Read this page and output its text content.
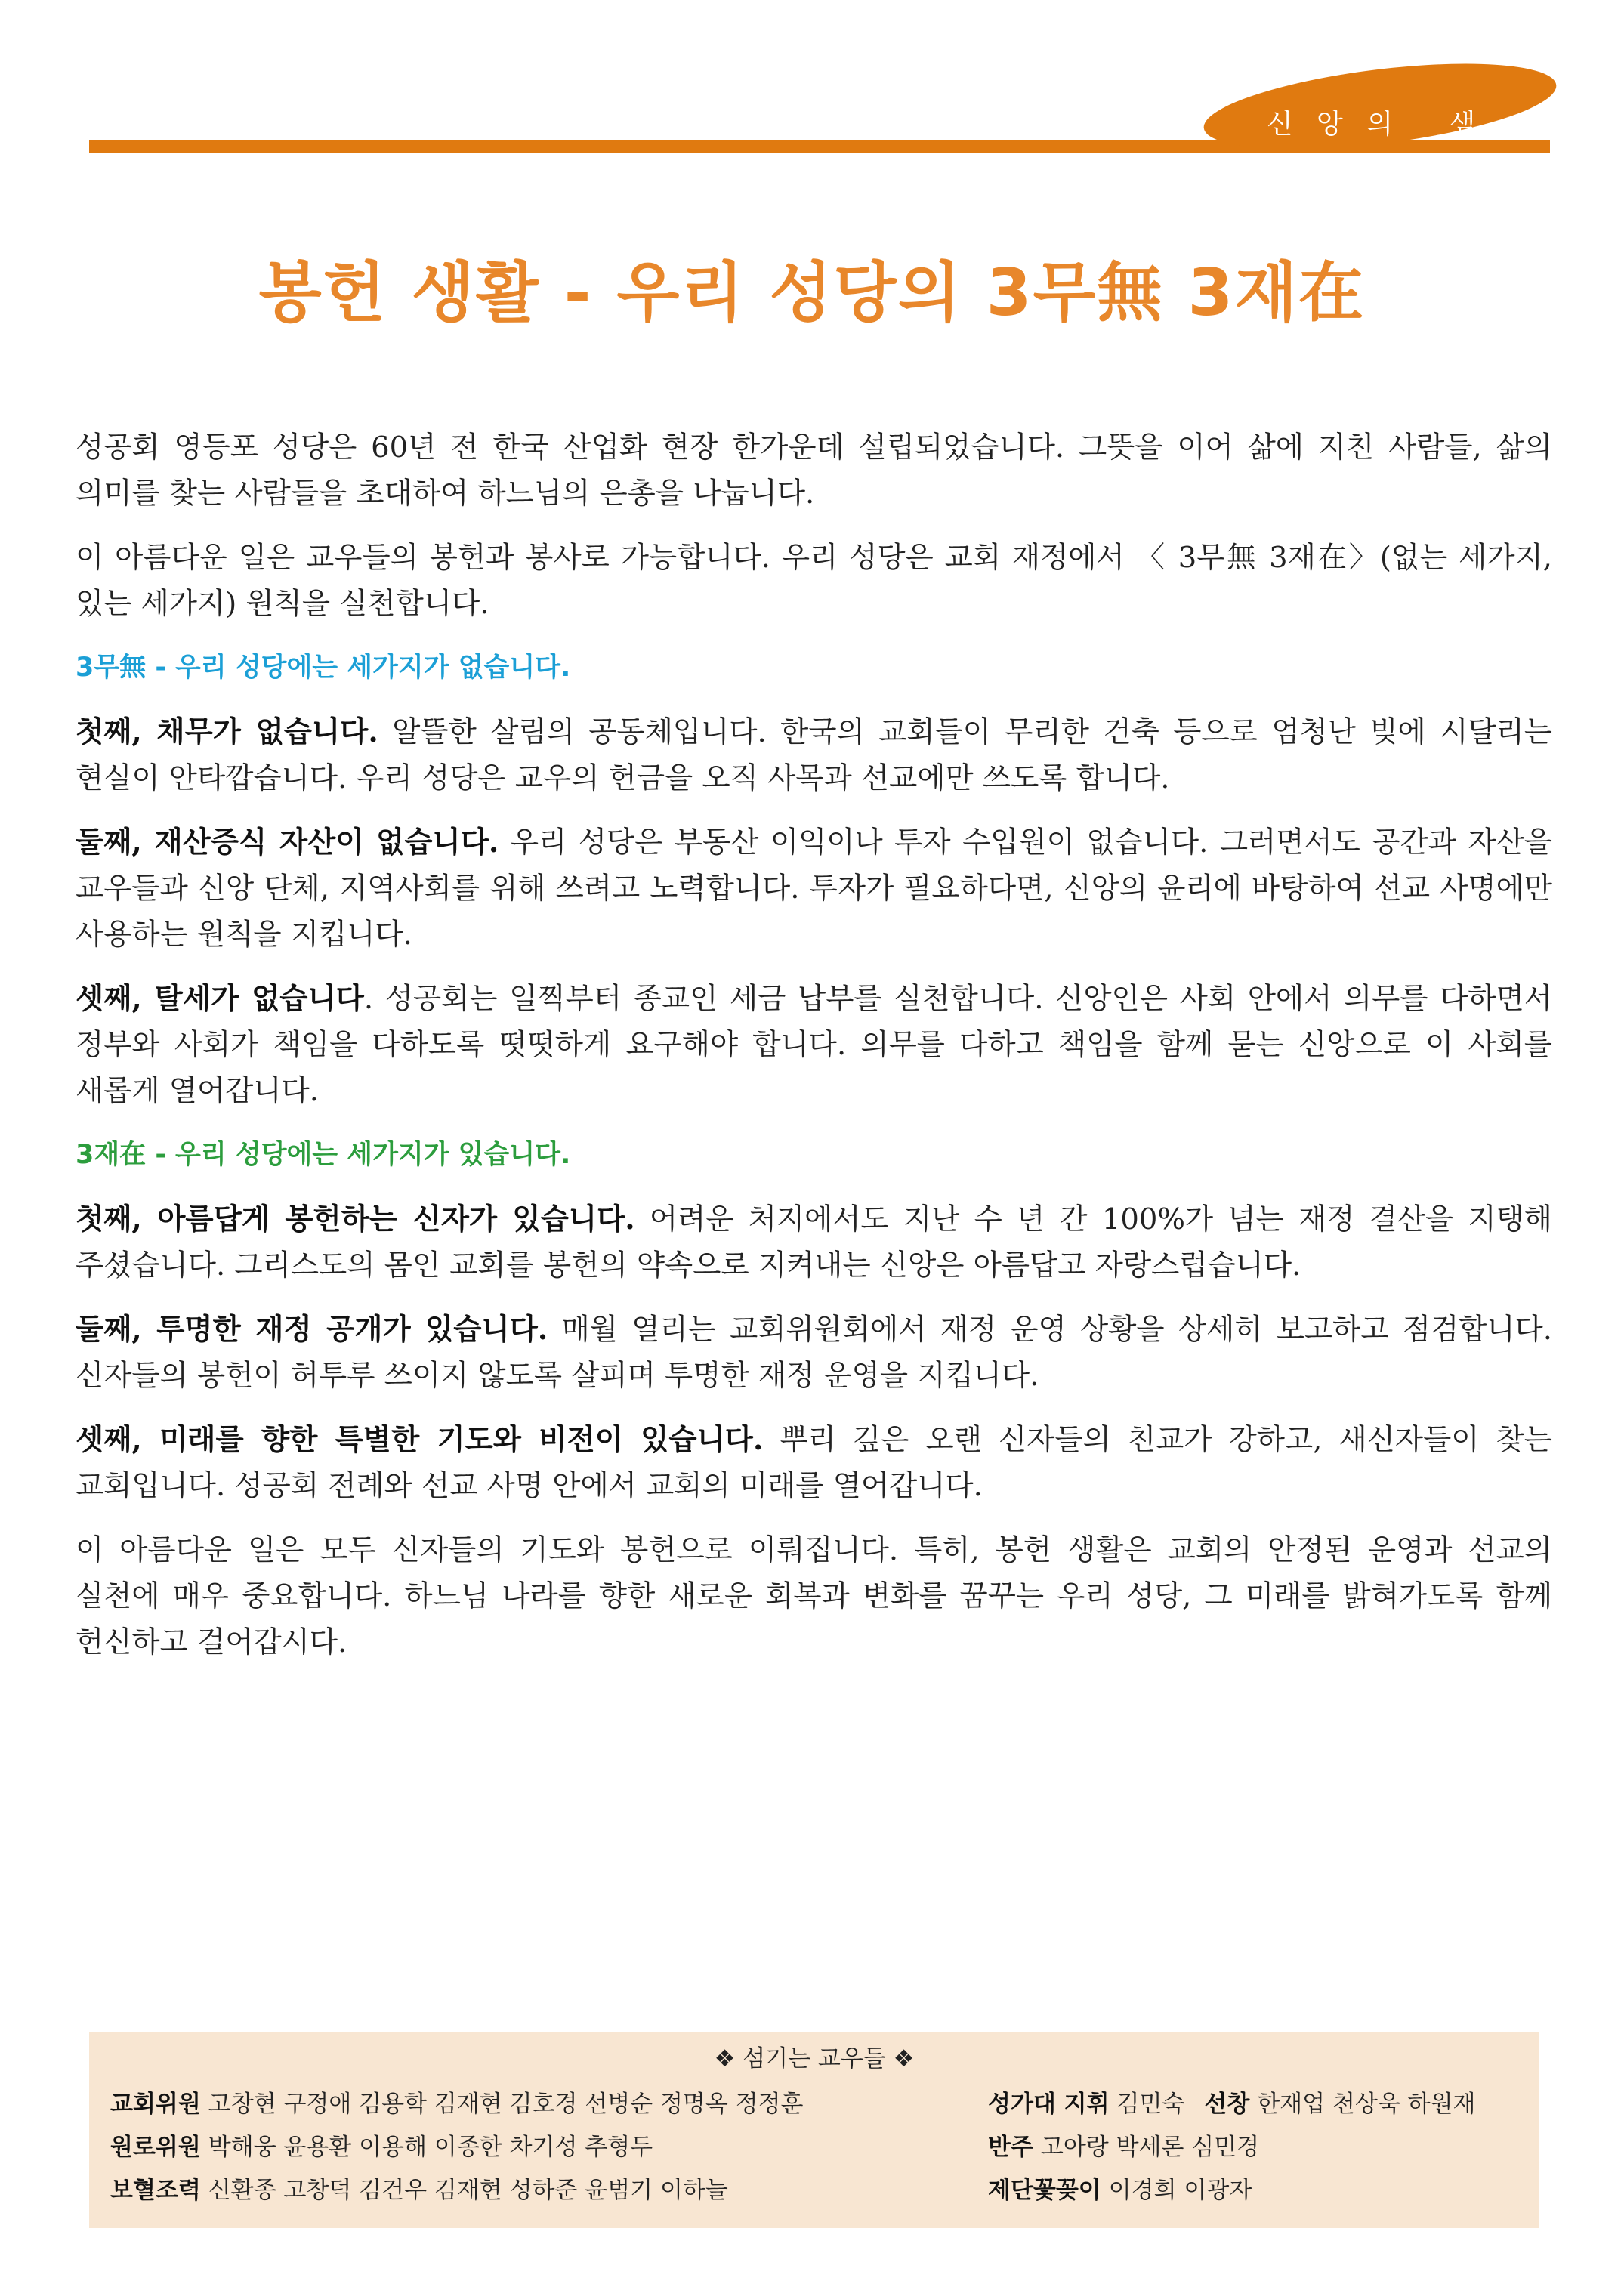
신 앙 의   샘
봉헌 생활 - 우리 성당의 3무無 3재在

성공회 영등포 성당은 60년 전 한국 산업화 현장 한가운데 설립되었습니다. 그뜻을 이어 삶에 지친 사람들, 삶의 의미를 찾는 사람들을 초대하여 하느님의 은총을 나눕니다.

이 아름다운 일은 교우들의 봉헌과 봉사로 가능합니다. 우리 성당은 교회 재정에서 〈 3무無 3재在〉(없는 세가지, 있는 세가지) 원칙을 실천합니다.

3무無 - 우리 성당에는 세가지가 없습니다.

첫째, 채무가 없습니다. 알뜰한 살림의 공동체입니다. 한국의 교회들이 무리한 건축 등으로 엄청난 빚에 시달리는 현실이 안타깝습니다. 우리 성당은 교우의 헌금을 오직 사목과 선교에만 쓰도록 합니다.

둘째, 재산증식 자산이 없습니다. 우리 성당은 부동산 이익이나 투자 수입원이 없습니다. 그러면서도 공간과 자산을 교우들과 신앙 단체, 지역사회를 위해 쓰려고 노력합니다. 투자가 필요하다면, 신앙의 윤리에 바탕하여 선교 사명에만 사용하는 원칙을 지킵니다.

셋째, 탈세가 없습니다. 성공회는 일찍부터 종교인 세금 납부를 실천합니다. 신앙인은 사회 안에서 의무를 다하면서 정부와 사회가 책임을 다하도록 떳떳하게 요구해야 합니다. 의무를 다하고 책임을 함께 묻는 신앙으로 이 사회를 새롭게 열어갑니다.

3재在 - 우리 성당에는 세가지가 있습니다.

첫째, 아름답게 봉헌하는 신자가 있습니다. 어려운 처지에서도 지난 수 년 간 100%가 넘는 재정 결산을 지탱해 주셨습니다. 그리스도의 몸인 교회를 봉헌의 약속으로 지켜내는 신앙은 아름답고 자랑스럽습니다.

둘째, 투명한 재정 공개가 있습니다. 매월 열리는 교회위원회에서 재정 운영 상황을 상세히 보고하고 점검합니다. 신자들의 봉헌이 허투루 쓰이지 않도록 살피며 투명한 재정 운영을 지킵니다.

셋째, 미래를 향한 특별한 기도와 비전이 있습니다. 뿌리 깊은 오랜 신자들의 친교가 강하고, 새신자들이 찾는 교회입니다. 성공회 전례와 선교 사명 안에서 교회의 미래를 열어갑니다.

이 아름다운 일은 모두 신자들의 기도와 봉헌으로 이뤄집니다. 특히, 봉헌 생활은 교회의 안정된 운영과 선교의 실천에 매우 중요합니다. 하느님 나라를 향한 새로운 회복과 변화를 꿈꾸는 우리 성당, 그 미래를 밝혀가도록 함께 헌신하고 걸어갑시다.

❖ 섬기는 교우들 ❖
교회위원 고창현 구정애 김용학 김재현 김호경 선병순 정명옥 정정훈
원로위원 박해웅 윤용환 이용해 이종한 차기성 추형두
보혈조력 신환종 고창덕 김건우 김재현 성하준 윤범기 이하늘
성가대 지휘 김민숙 선창 한재업 천상욱 하원재
반주 고아랑 박세론 심민경
제단꽃꽂이 이경희 이광자
